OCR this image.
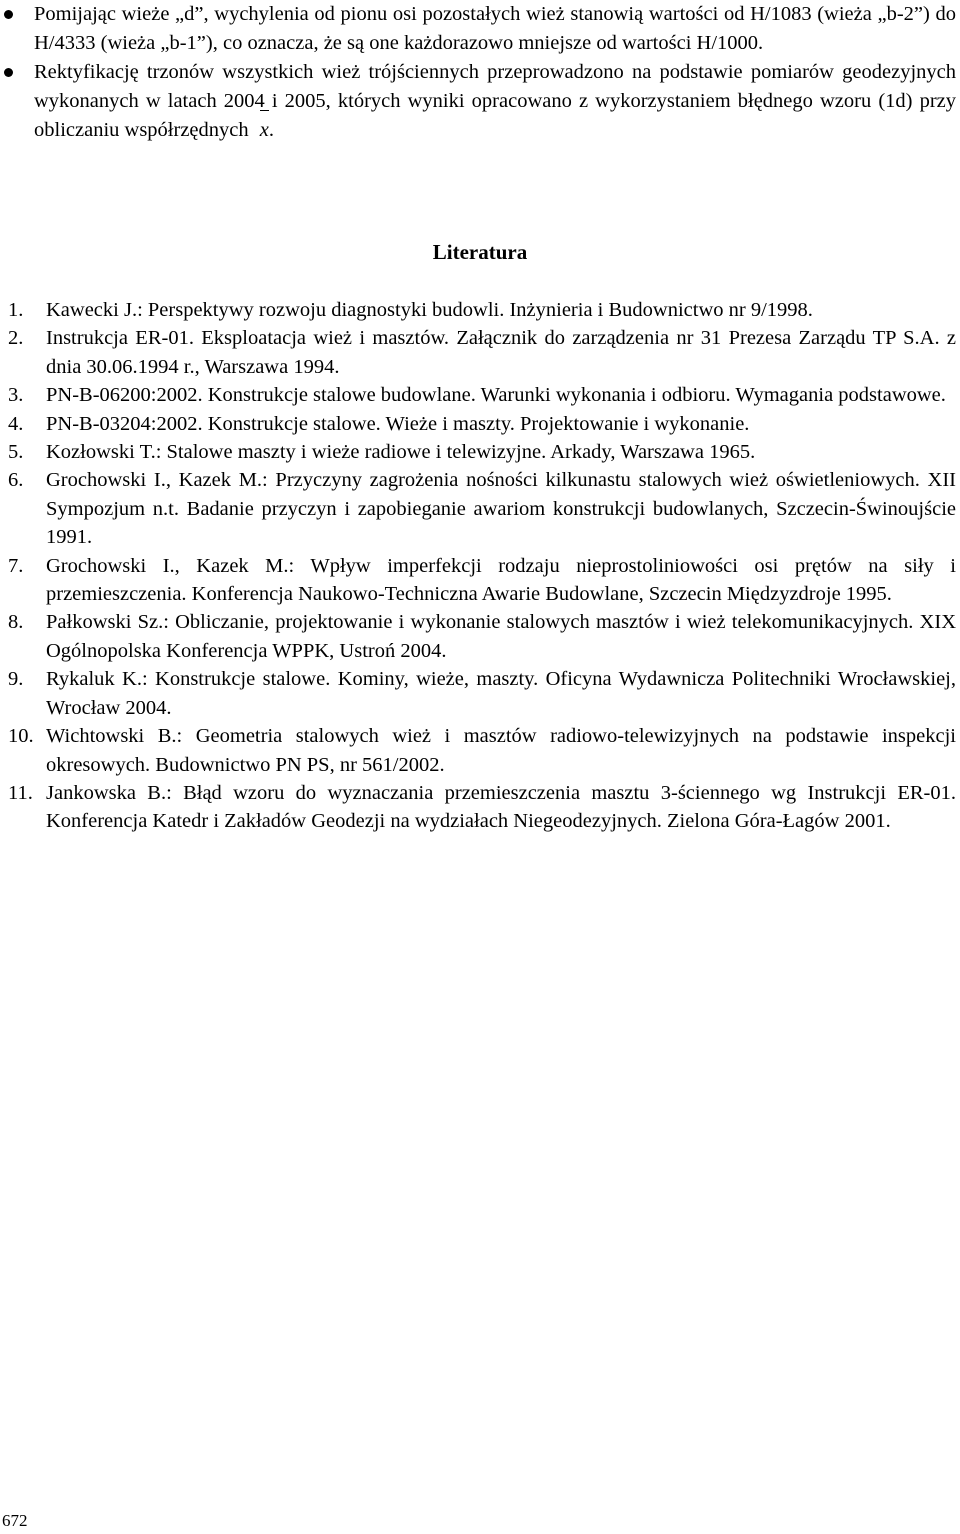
Pomijając wieże „d”, wychylenia od pionu osi pozostałych wież stanowią wartości od H/1083 (wieża „b-2”) do H/4333 (wieża „b-1”), co oznacza, że są one każdorazowo mniejsze od wartości H/1000.
Rektyfikację trzonów wszystkich wież trójściennych przeprowadzono na podstawie pomiarów geodezyjnych wykonanych w latach 2004 i 2005, których wyniki opracowano z wykorzystaniem błędnego wzoru (1d) przy obliczaniu współrzędnych x.
Literatura
1. Kawecki J.: Perspektywy rozwoju diagnostyki budowli. Inżynieria i Budownictwo nr 9/1998.
2. Instrukcja ER-01. Eksploatacja wież i masztów. Załącznik do zarządzenia nr 31 Prezesa Zarządu TP S.A. z dnia 30.06.1994 r., Warszawa 1994.
3. PN-B-06200:2002. Konstrukcje stalowe budowlane. Warunki wykonania i odbioru. Wymagania podstawowe.
4. PN-B-03204:2002. Konstrukcje stalowe. Wieże i maszty. Projektowanie i wykonanie.
5. Kozłowski T.: Stalowe maszty i wieże radiowe i telewizyjne. Arkady, Warszawa 1965.
6. Grochowski I., Kazek M.: Przyczyny zagrożenia nośności kilkunastu stalowych wież oświetleniowych. XII Sympozjum n.t. Badanie przyczyn i zapobieganie awariom konstrukcji budowlanych, Szczecin-Świnoujście 1991.
7. Grochowski I., Kazek M.: Wpływ imperfekcji rodzaju nieprostoliniowości osi prętów na siły i przemieszczenia. Konferencja Naukowo-Techniczna Awarie Budowlane, Szczecin Międzyzdroje 1995.
8. Pałkowski Sz.: Obliczanie, projektowanie i wykonanie stalowych masztów i wież telekomunikacyjnych. XIX Ogólnopolska Konferencja WPPK, Ustroń 2004.
9. Rykaluk K.: Konstrukcje stalowe. Kominy, wieże, maszty. Oficyna Wydawnicza Politechniki Wrocławskiej, Wrocław 2004.
10. Wichtowski B.: Geometria stalowych wież i masztów radiowo-telewizyjnych na podstawie inspekcji okresowych. Budownictwo PN PS, nr 561/2002.
11. Jankowska B.: Błąd wzoru do wyznaczania przemieszczenia masztu 3-ściennego wg Instrukcji ER-01. Konferencja Katedr i Zakładów Geodezji na wydziałach Niegeodezyjnych. Zielona Góra-Łagów 2001.
672
